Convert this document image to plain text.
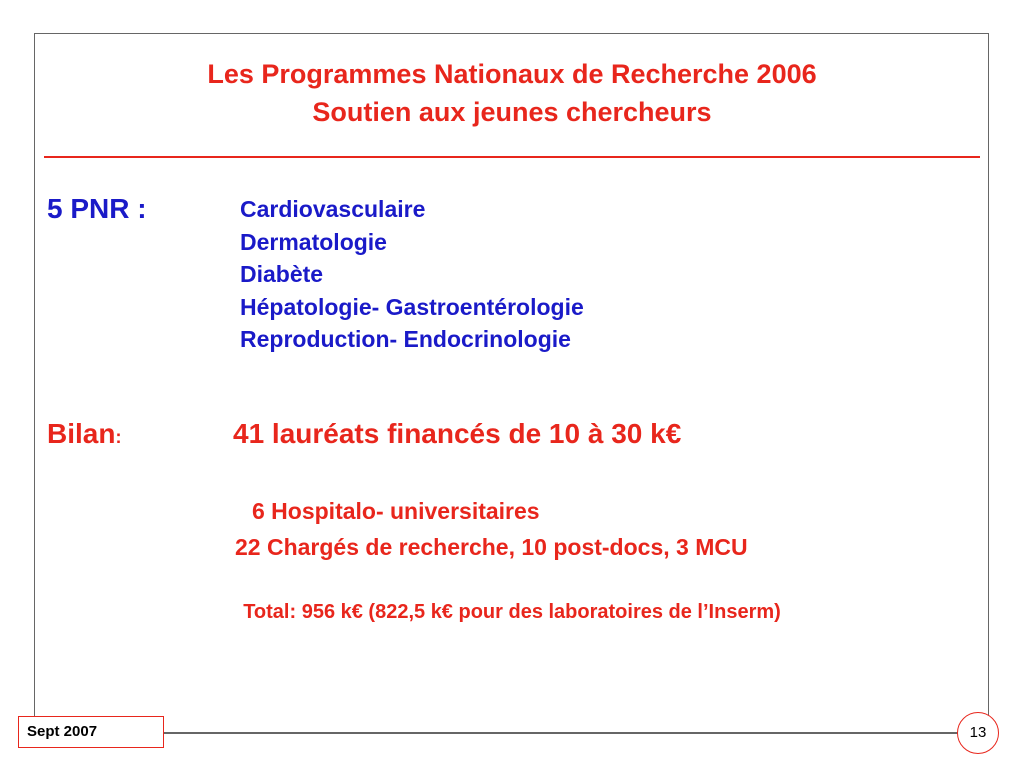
Les Programmes Nationaux de Recherche 2006
Soutien aux jeunes chercheurs
5 PNR :	Cardiovasculaire
Dermatologie
Diabète
Hépatologie- Gastroentérologie
Reproduction- Endocrinologie
Bilan:	41 lauréats financés de 10 à 30 k€
6 Hospitalo- universitaires
22 Chargés de recherche, 10 post-docs, 3 MCU
Total: 956 k€ (822,5 k€ pour des laboratoires de l’Inserm)
Sept 2007	13
